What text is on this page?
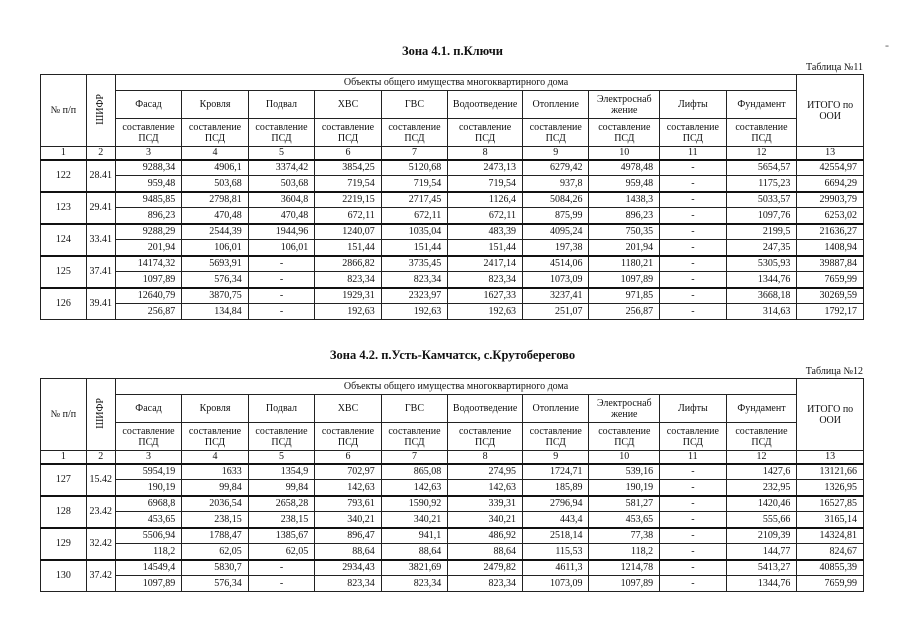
Зона 4.1. п.Ключи	-
Таблица №11
№ п/п	ШИФР	Объекты общего имущества многоквартирного дома										ИТОГО по ООИ
		Фасад	Кровля	Подвал	ХВС	ГВС	Водоотведение	Отопление	Электроснаб жение	Лифты	Фундамент	
		составление ПСД	составление ПСД	составление ПСД	составление ПСД	составление ПСД	составление ПСД	составление ПСД	составление ПСД	составление ПСД	составление ПСД	
1	2	3	4	5	6	7	8	9	10	11	12	13
122	28.41	9288,34	4906,1	3374,42	3854,25	5120,68	2473,13	6279,42	4978,48	-	5654,57	42554,97
		959,48	503,68	503,68	719,54	719,54	719,54	937,8	959,48	-	1175,23	6694,29
123	29.41	9485,85	2798,81	3604,8	2219,15	2717,45	1126,4	5084,26	1438,3	-	5033,57	29903,79
		896,23	470,48	470,48	672,11	672,11	672,11	875,99	896,23	-	1097,76	6253,02
124	33.41	9288,29	2544,39	1944,96	1240,07	1035,04	483,39	4095,24	750,35	-	2199,5	21636,27
		201,94	106,01	106,01	151,44	151,44	151,44	197,38	201,94	-	247,35	1408,94
125	37.41	14174,32	5693,91	-	2866,82	3735,45	2417,14	4514,06	1180,21	-	5305,93	39887,84
		1097,89	576,34	-	823,34	823,34	823,34	1073,09	1097,89	-	1344,76	7659,99
126	39.41	12640,79	3870,75	-	1929,31	2323,97	1627,33	3237,41	971,85	-	3668,18	30269,59
		256,87	134,84	-	192,63	192,63	192,63	251,07	256,87	-	314,63	1792,17
Зона 4.2. п.Усть-Камчатск, с.Крутоберегово
Таблица №12
№ п/п	ШИФР	Объекты общего имущества многоквартирного дома										ИТОГО по ООИ
		Фасад	Кровля	Подвал	ХВС	ГВС	Водоотведение	Отопление	Электроснаб жение	Лифты	Фундамент	
		составление ПСД	составление ПСД	составление ПСД	составление ПСД	составление ПСД	составление ПСД	составление ПСД	составление ПСД	составление ПСД	составление ПСД	
1	2	3	4	5	6	7	8	9	10	11	12	13
127	15.42	5954,19	1633	1354,9	702,97	865,08	274,95	1724,71	539,16	-	1427,6	13121,66
		190,19	99,84	99,84	142,63	142,63	142,63	185,89	190,19	-	232,95	1326,95
128	23.42	6968,8	2036,54	2658,28	793,61	1590,92	339,31	2796,94	581,27	-	1420,46	16527,85
		453,65	238,15	238,15	340,21	340,21	340,21	443,4	453,65	-	555,66	3165,14
129	32.42	5506,94	1788,47	1385,67	896,47	941,1	486,92	2518,14	77,38	-	2109,39	14324,81
		118,2	62,05	62,05	88,64	88,64	88,64	115,53	118,2	-	144,77	824,67
130	37.42	14549,4	5830,7	-	2934,43	3821,69	2479,82	4611,3	1214,78	-	5413,27	40855,39
		1097,89	576,34	-	823,34	823,34	823,34	1073,09	1097,89	-	1344,76	7659,99
